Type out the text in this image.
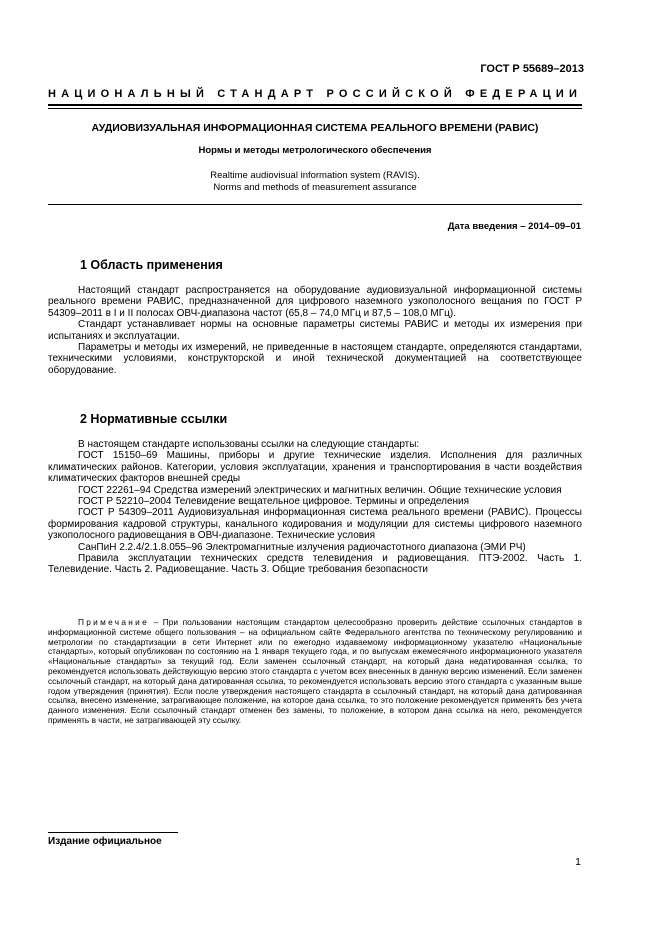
ГОСТ Р 55689–2013
НАЦИОНАЛЬНЫЙ СТАНДАРТ РОССИЙСКОЙ ФЕДЕРАЦИИ
АУДИОВИЗУАЛЬНАЯ ИНФОРМАЦИОННАЯ СИСТЕМА РЕАЛЬНОГО ВРЕМЕНИ (РАВИС)
Нормы и методы метрологического обеспечения
Realtime audiovisual information system (RAVIS).
Norms and methods of measurement assurance
Дата введения – 2014–09–01
1 Область применения

Настоящий стандарт распространяется на оборудование аудиовизуальной информационной системы реального времени РАВИС, предназначенной для цифрового наземного узкополосного вещания по ГОСТ Р 54309–2011 в I и II полосах ОВЧ-диапазона частот (65,8 – 74,0 МГц и 87,5 – 108,0 МГц).

Стандарт устанавливает нормы на основные параметры системы РАВИС и методы их измерения при испытаниях и эксплуатации.

Параметры и методы их измерений, не приведенные в настоящем стандарте, определяются стандартами, техническими условиями, конструкторской и иной технической документацией на соответствующее оборудование.

2 Нормативные ссылки

В настоящем стандарте использованы ссылки на следующие стандарты:

ГОСТ 15150–69 Машины, приборы и другие технические изделия. Исполнения для различных климатических районов. Категории, условия эксплуатации, хранения и транспортирования в части воздействия климатических факторов внешней среды

ГОСТ 22261–94 Средства измерений электрических и магнитных величин. Общие технические условия

ГОСТ Р 52210–2004 Телевидение вещательное цифровое. Термины и определения

ГОСТ Р 54309–2011 Аудиовизуальная информационная система реального времени (РАВИС). Процессы формирования кадровой структуры, канального кодирования и модуляции для системы цифрового наземного узкополосного радиовещания в ОВЧ-диапазоне. Технические условия

СанПиН 2.2.4/2.1.8.055–96 Электромагнитные излучения радиочастотного диапазона (ЭМИ РЧ)

Правила эксплуатации технических средств телевидения и радиовещания. ПТЭ-2002. Часть 1. Телевидение. Часть 2. Радиовещание. Часть 3. Общие требования безопасности

Примечание – При пользовании настоящим стандартом целесообразно проверить действие ссылочных стандартов в информационной системе общего пользования – на официальном сайте Федерального агентства по техническому регулированию и метрологии по стандартизации в сети Интернет или по ежегодно издаваемому информационному указателю «Национальные стандарты», который опубликован по состоянию на 1 января текущего года, и по выпускам ежемесячного информационного указателя «Национальные стандарты» за текущий год. Если заменен ссылочный стандарт, на который дана недатированная ссылка, то рекомендуется использовать действующую версию этого стандарта с учетом всех внесенных в данную версию изменений. Если заменен ссылочный стандарт, на который дана датированная ссылка, то рекомендуется использовать версию этого стандарта с указанным выше годом утверждения (принятия). Если после утверждения настоящего стандарта в ссылочный стандарт, на который дана датированная ссылка, внесено изменение, затрагивающее положение, на которое дана ссылка, то это положение рекомендуется применять без учета данного изменения. Если ссылочный стандарт отменен без замены, то положение, в котором дана ссылка на него, рекомендуется применять в части, не затрагивающей эту ссылку.

Издание официальное
1
